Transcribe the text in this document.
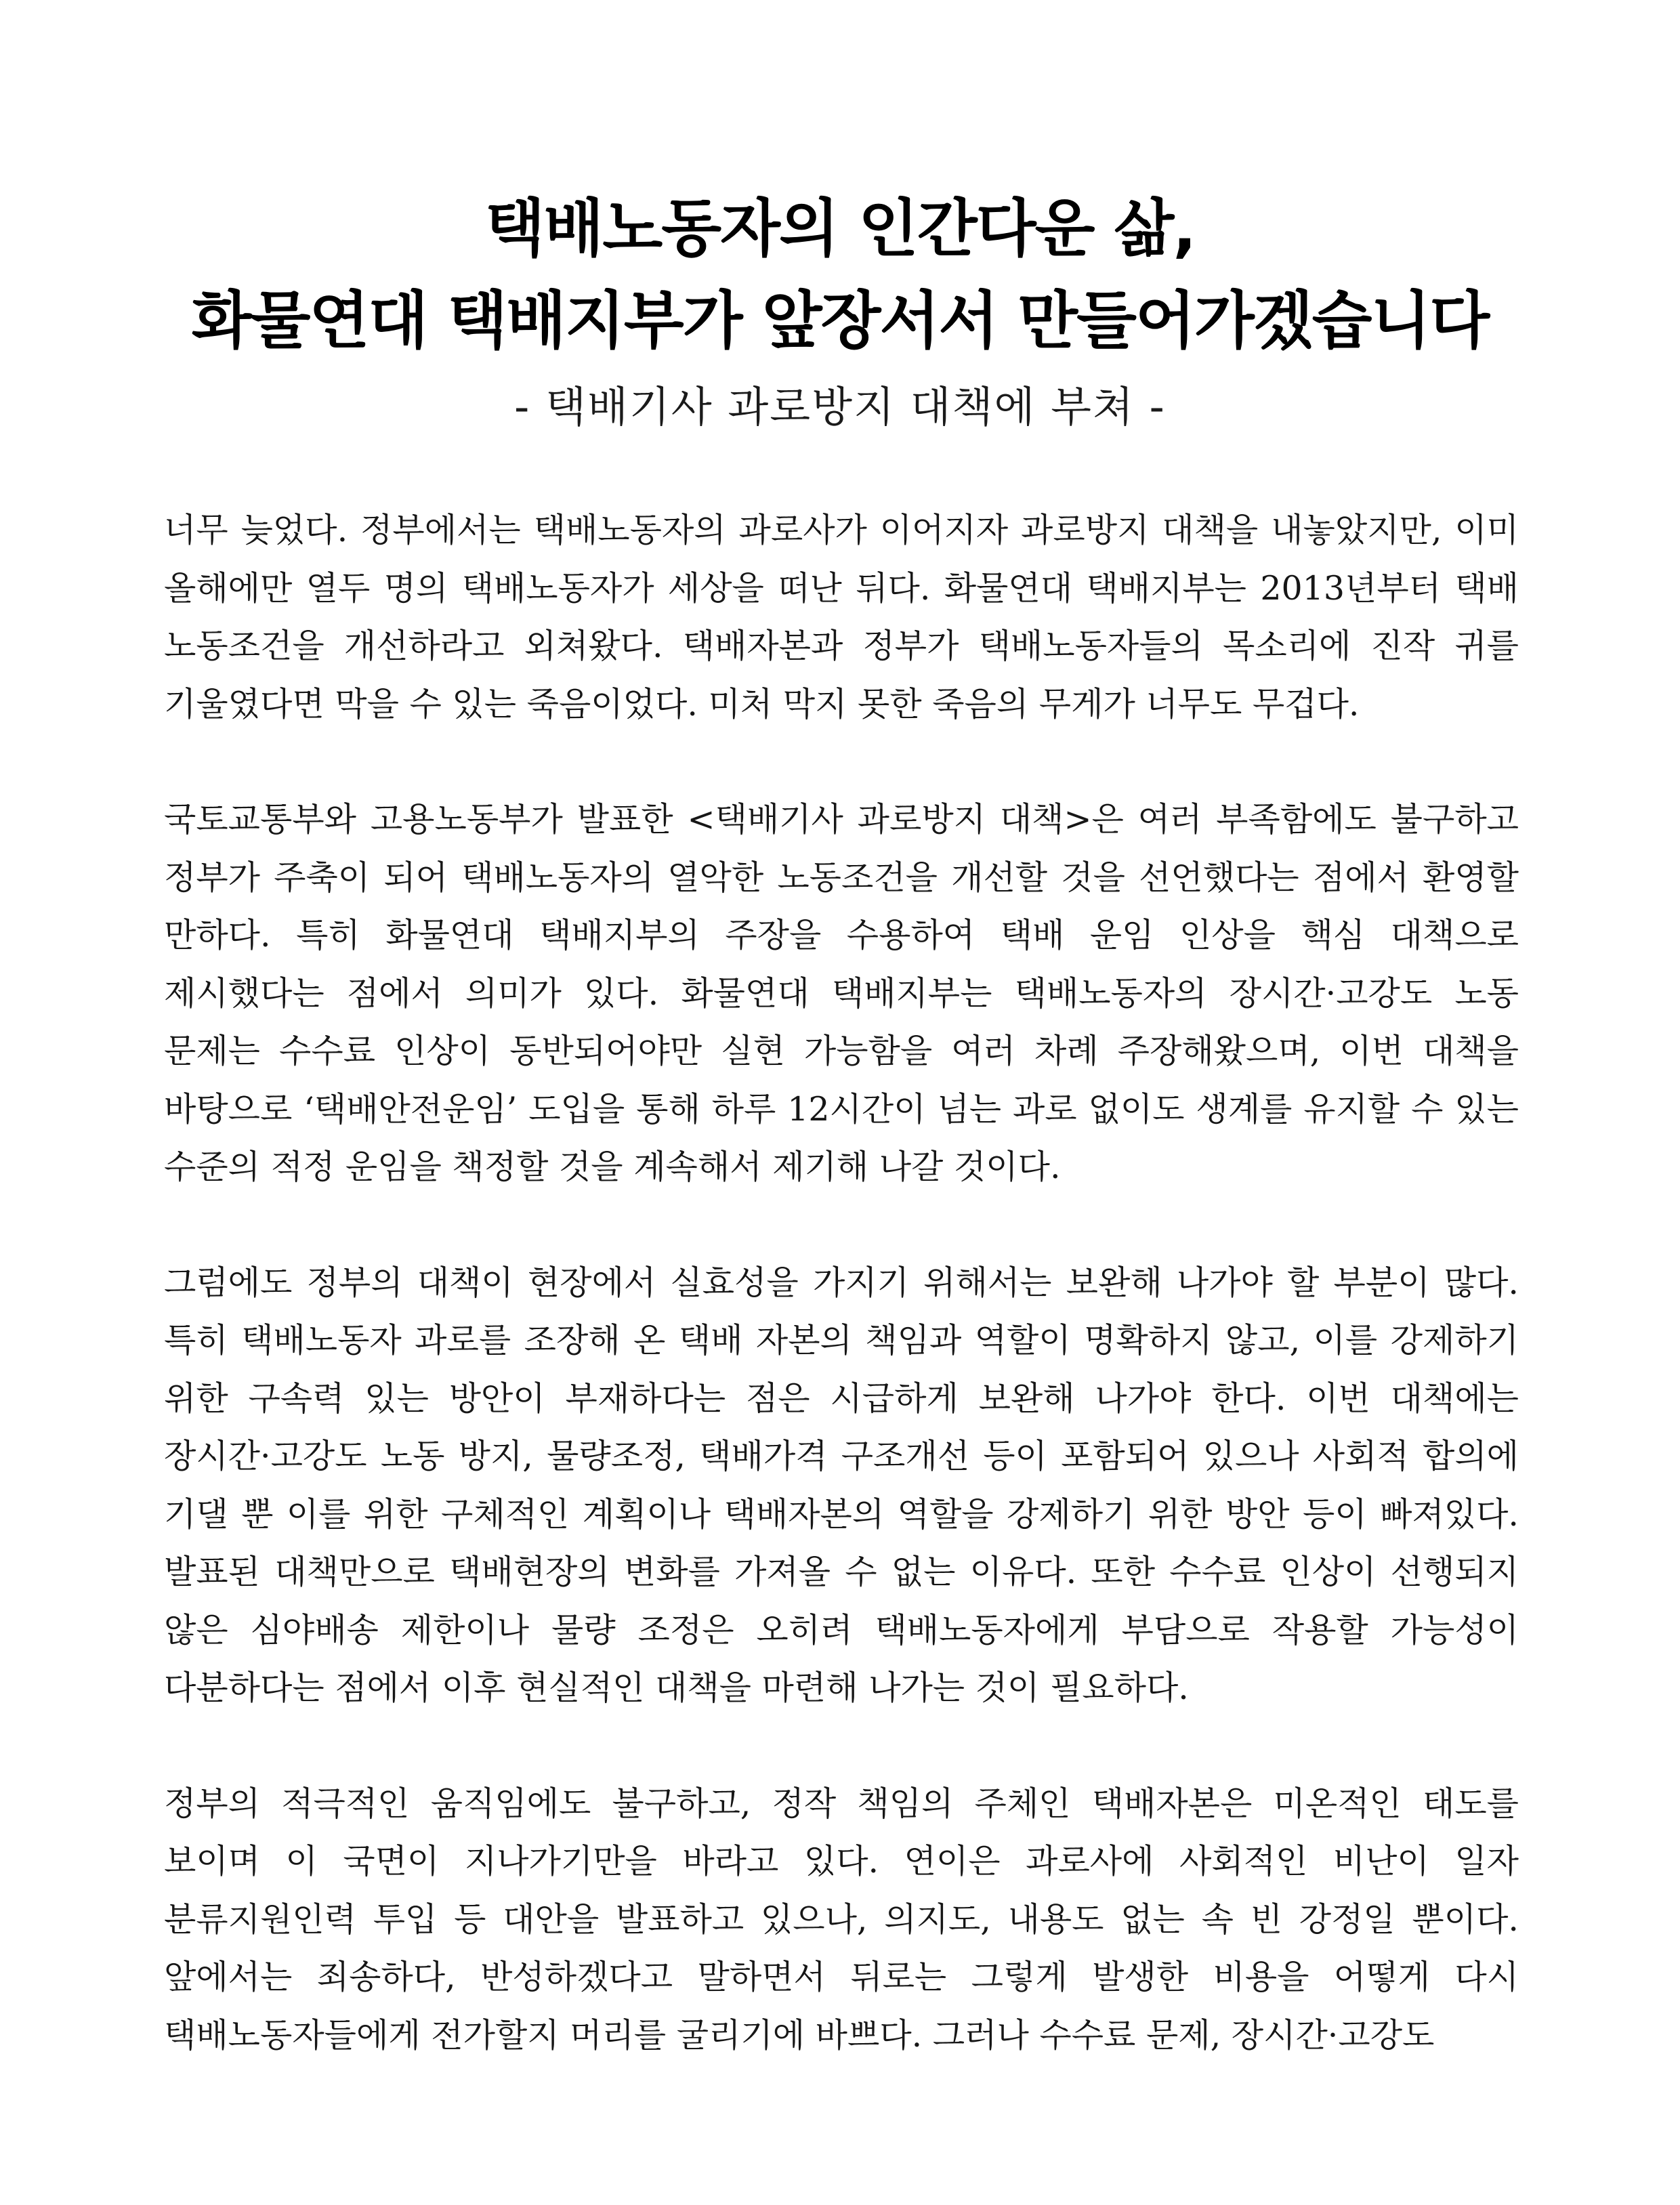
택배노동자의 인간다운 삶,
화물연대 택배지부가 앞장서서 만들어가겠습니다
- 택배기사 과로방지 대책에 부쳐 -

너무 늦었다. 정부에서는 택배노동자의 과로사가 이어지자 과로방지 대책을 내놓았지만, 이미 올해에만 열두 명의 택배노동자가 세상을 떠난 뒤다. 화물연대 택배지부는 2013년부터 택배 노동조건을 개선하라고 외쳐왔다. 택배자본과 정부가 택배노동자들의 목소리에 진작 귀를 기울였다면 막을 수 있는 죽음이었다. 미처 막지 못한 죽음의 무게가 너무도 무겁다.

국토교통부와 고용노동부가 발표한 <택배기사 과로방지 대책>은 여러 부족함에도 불구하고 정부가 주축이 되어 택배노동자의 열악한 노동조건을 개선할 것을 선언했다는 점에서 환영할 만하다. 특히 화물연대 택배지부의 주장을 수용하여 택배 운임 인상을 핵심 대책으로 제시했다는 점에서 의미가 있다. 화물연대 택배지부는 택배노동자의 장시간·고강도 노동 문제는 수수료 인상이 동반되어야만 실현 가능함을 여러 차례 주장해왔으며, 이번 대책을 바탕으로 ‘택배안전운임’ 도입을 통해 하루 12시간이 넘는 과로 없이도 생계를 유지할 수 있는 수준의 적정 운임을 책정할 것을 계속해서 제기해 나갈 것이다.

그럼에도 정부의 대책이 현장에서 실효성을 가지기 위해서는 보완해 나가야 할 부분이 많다. 특히 택배노동자 과로를 조장해 온 택배 자본의 책임과 역할이 명확하지 않고, 이를 강제하기 위한 구속력 있는 방안이 부재하다는 점은 시급하게 보완해 나가야 한다. 이번 대책에는 장시간·고강도 노동 방지, 물량조정, 택배가격 구조개선 등이 포함되어 있으나 사회적 합의에 기댈 뿐 이를 위한 구체적인 계획이나 택배자본의 역할을 강제하기 위한 방안 등이 빠져있다. 발표된 대책만으로 택배현장의 변화를 가져올 수 없는 이유다. 또한 수수료 인상이 선행되지 않은 심야배송 제한이나 물량 조정은 오히려 택배노동자에게 부담으로 작용할 가능성이 다분하다는 점에서 이후 현실적인 대책을 마련해 나가는 것이 필요하다.

정부의 적극적인 움직임에도 불구하고, 정작 책임의 주체인 택배자본은 미온적인 태도를 보이며 이 국면이 지나가기만을 바라고 있다. 연이은 과로사에 사회적인 비난이 일자 분류지원인력 투입 등 대안을 발표하고 있으나, 의지도, 내용도 없는 속 빈 강정일 뿐이다. 앞에서는 죄송하다, 반성하겠다고 말하면서 뒤로는 그렇게 발생한 비용을 어떻게 다시 택배노동자들에게 전가할지 머리를 굴리기에 바쁘다. 그러나 수수료 문제, 장시간·고강도
